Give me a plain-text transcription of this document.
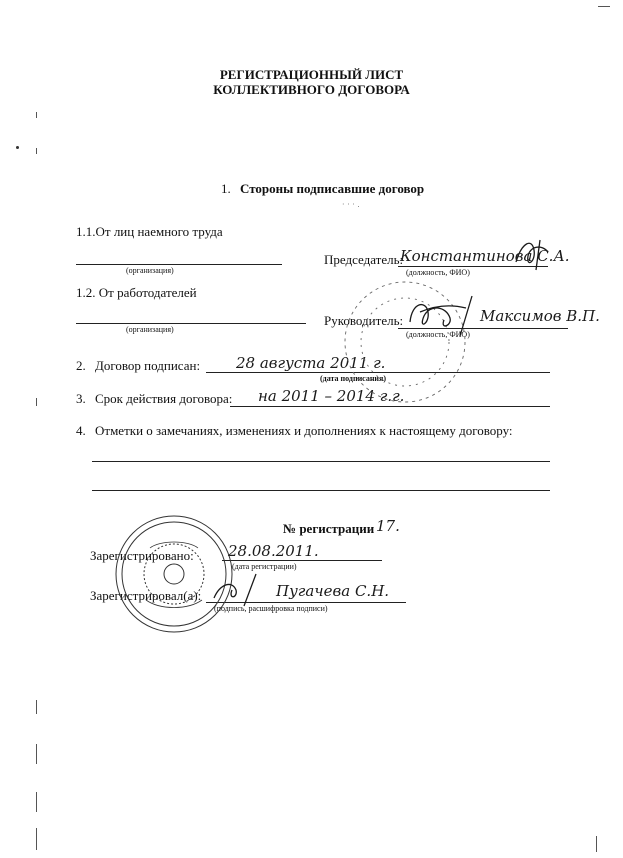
РЕГИСТРАЦИОННЫЙ ЛИСТ
КОЛЛЕКТИВНОГО ДОГОВОРА
1. Стороны подписавшие договор
1.1.От лиц наемного труда
(организация)
Председатель:
Константинова С.А.
(должность, ФИО)
1.2. От работодателей
(организация)
Руководитель:	Максимов В.П.
(должность, ФИО)
2. Договор подписан: 28 августа 2011 г.
(дата подписания)
3. Срок действия договора: на 2011 – 2014 г.г.
4. Отметки о замечаниях, изменениях и дополнениях к настоящему договору:
№ регистрации 17.
Зарегистрировано: 28.08.2011.
(дата регистрации)
Зарегистрировал(а):	Пугачева С.Н.
(подпись, расшифровка подписи)
· · · .
